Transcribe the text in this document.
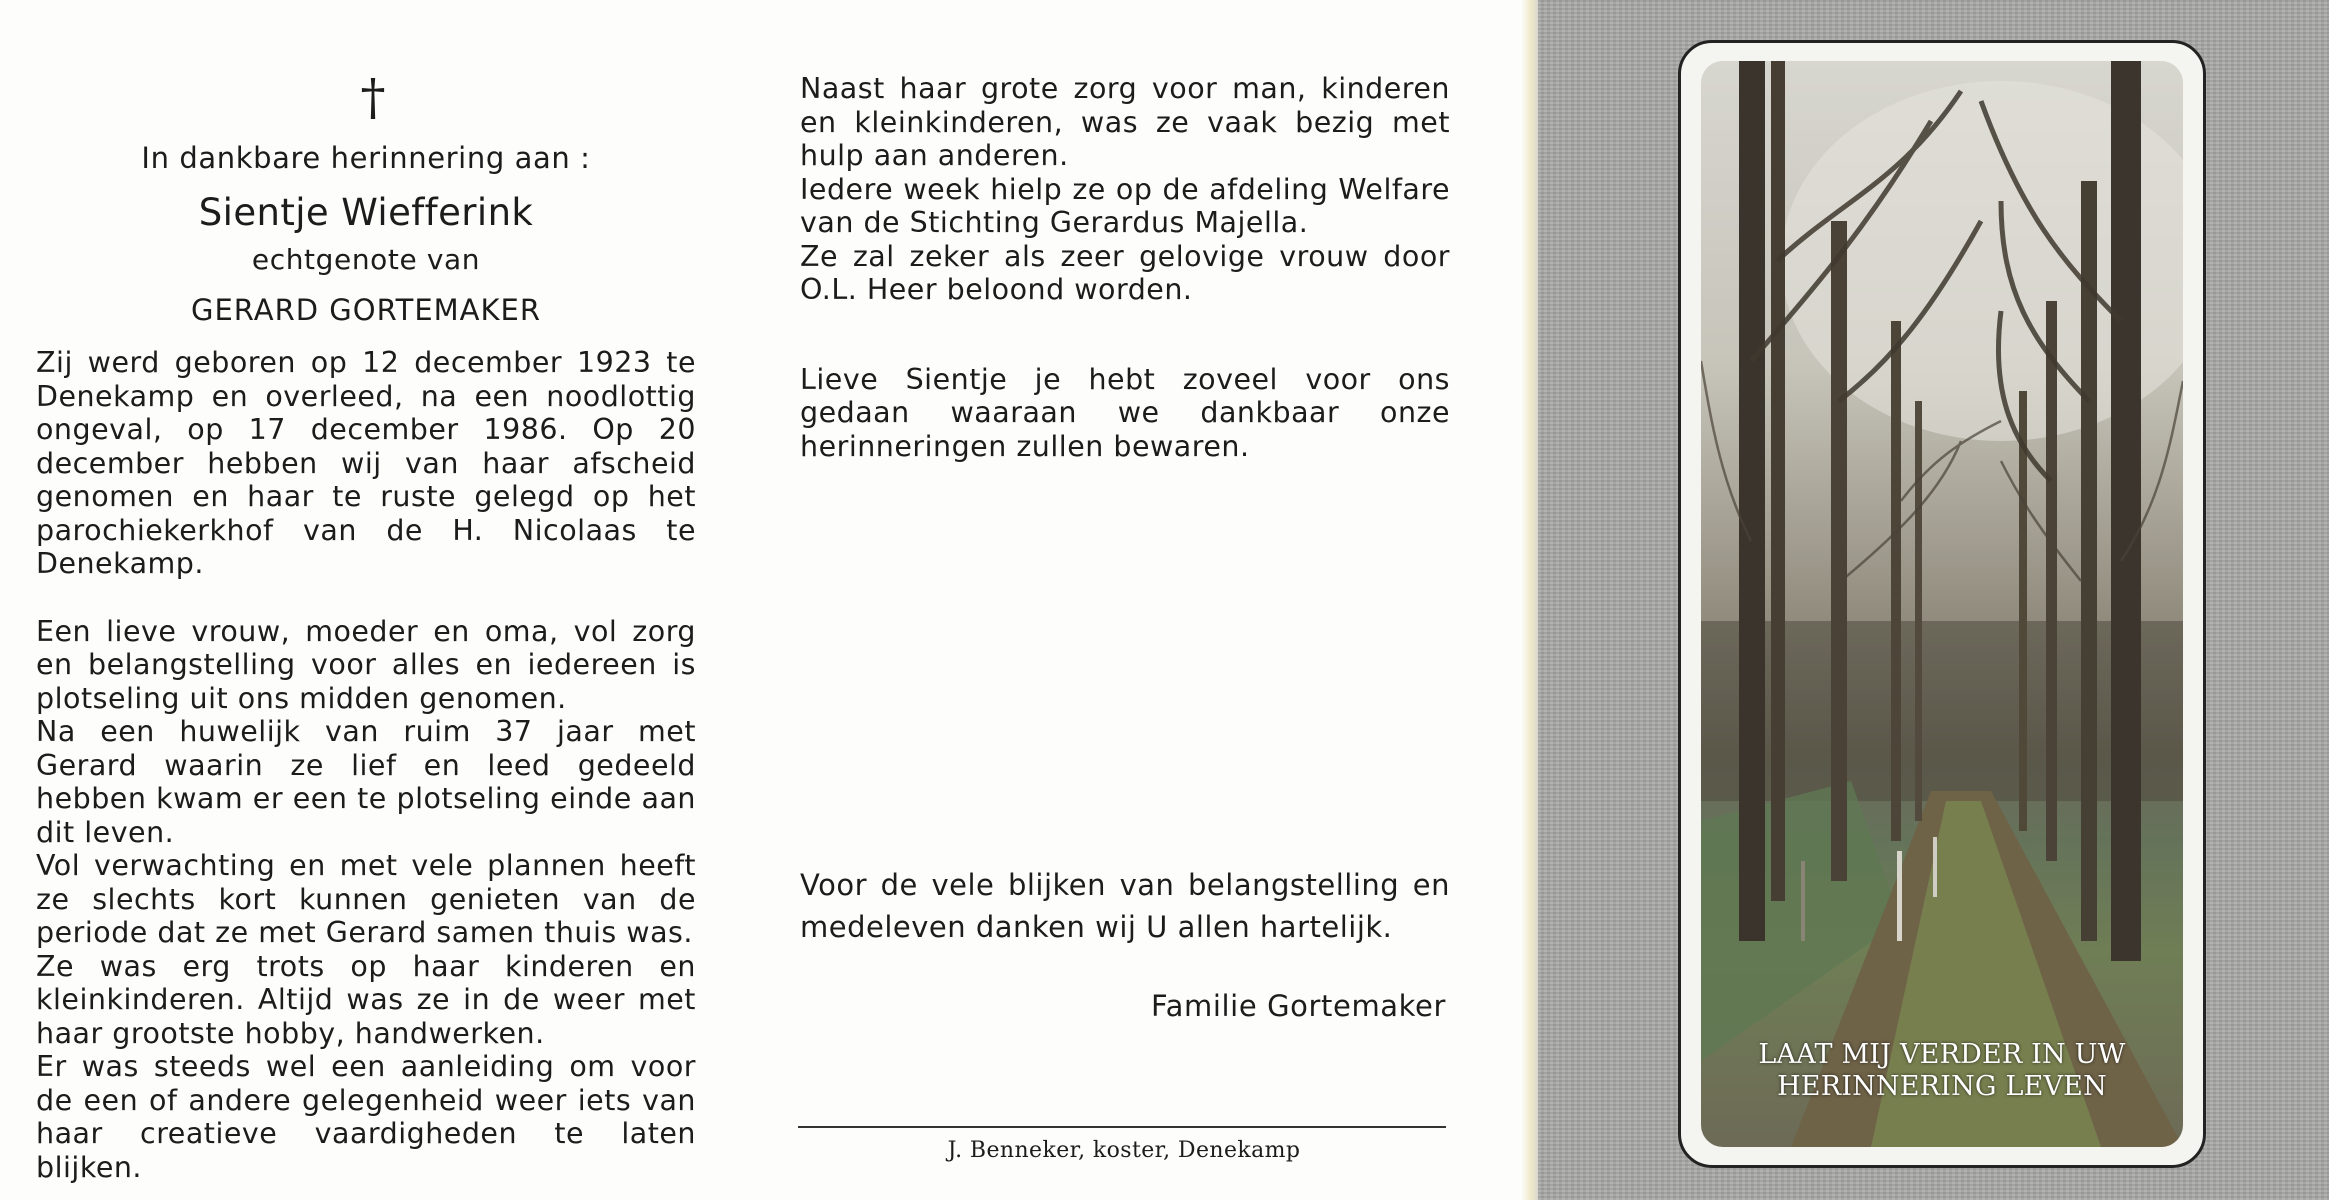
†
In dankbare herinnering aan :
Sientje Wiefferink
echtgenote van
GERARD GORTEMAKER

Zij werd geboren op 12 december 1923 te Denekamp en overleed, na een noodlottig ongeval, op 17 december 1986. Op 20 december hebben wij van haar afscheid genomen en haar te ruste gelegd op het parochiekerkhof van de H. Nicolaas te Denekamp.

Een lieve vrouw, moeder en oma, vol zorg en belangstelling voor alles en iedereen is plotseling uit ons midden genomen.
Na een huwelijk van ruim 37 jaar met Gerard waarin ze lief en leed gedeeld hebben kwam er een te plotseling einde aan dit leven.
Vol verwachting en met vele plannen heeft ze slechts kort kunnen genieten van de periode dat ze met Gerard samen thuis was.
Ze was erg trots op haar kinderen en kleinkinderen. Altijd was ze in de weer met haar grootste hobby, handwerken.
Er was steeds wel een aanleiding om voor de een of andere gelegenheid weer iets van haar creatieve vaardigheden te laten blijken.

Naast haar grote zorg voor man, kinderen en kleinkinderen, was ze vaak bezig met hulp aan anderen.
Iedere week hielp ze op de afdeling Welfare van de Stichting Gerardus Majella.
Ze zal zeker als zeer gelovige vrouw door O.L. Heer beloond worden.

Lieve Sientje je hebt zoveel voor ons gedaan waaraan we dankbaar onze herinneringen zullen bewaren.

Voor de vele blijken van belangstelling en medeleven danken wij U allen hartelijk.

Familie Gortemaker
J. Benneker, koster, Denekamp
LAAT MIJ VERDER IN UW
HERINNERING LEVEN
